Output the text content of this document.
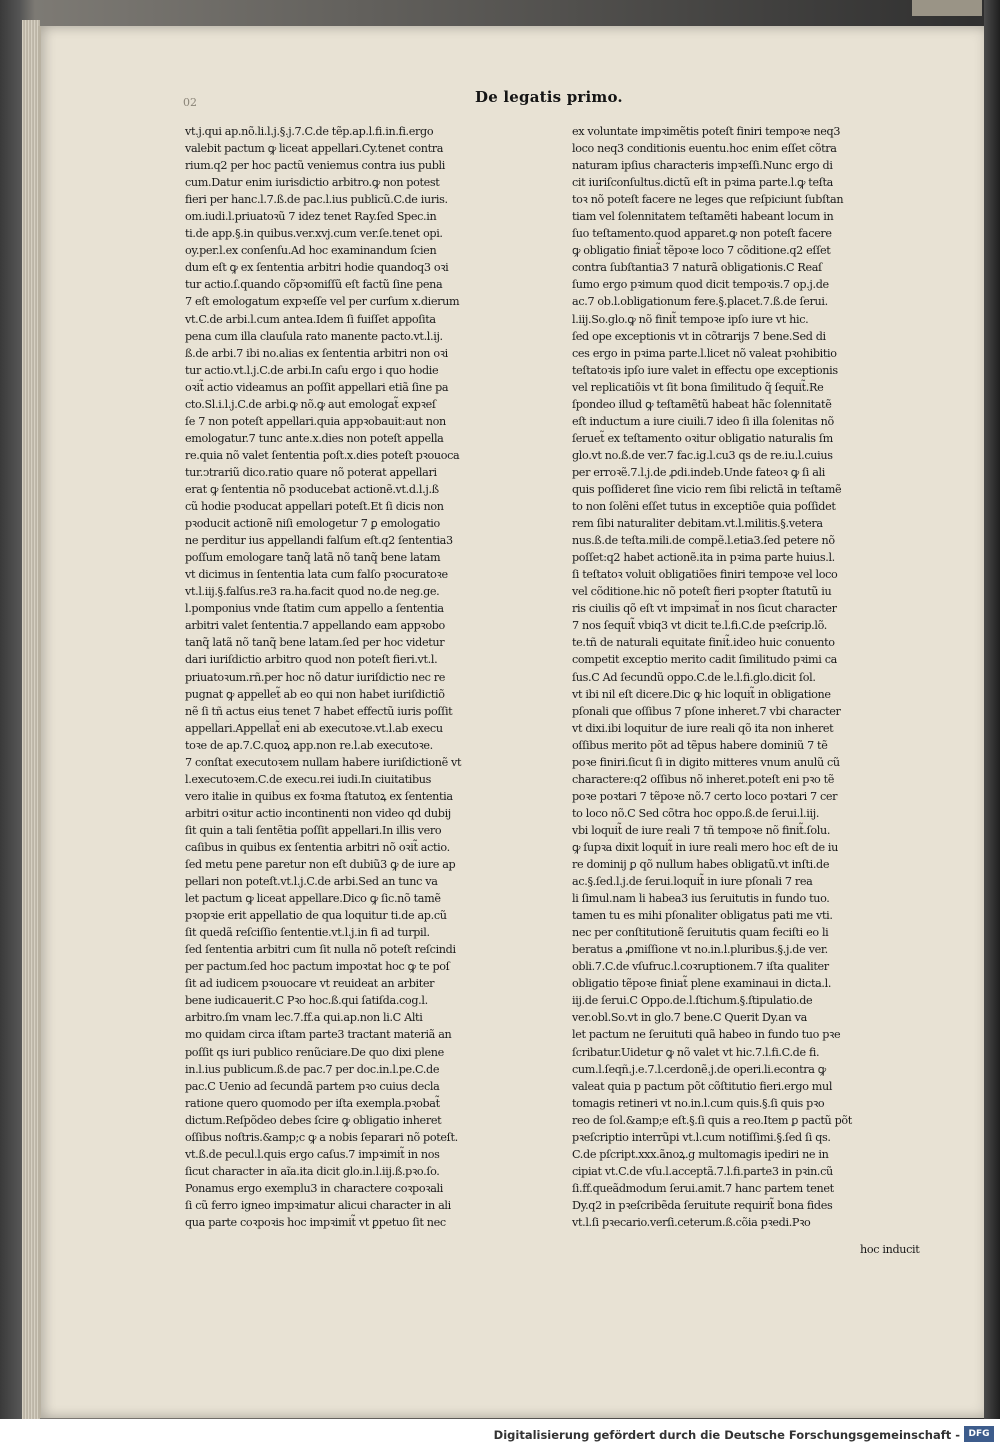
02	De legatis primo.
vt.j.qui ap.nõ.li.l.j.§.j.7.C.de tẽp.ap.l.fi.in.fi.ergo
valebit pactum ꝙ liceat appellari.Cy.tenet contra
rium.q2 per hoc pactũ veniemus contra ius publi
cum.Datur enim iurisdictio arbitro.ꝙ non potest
fieri per hanc.l.7.ß.de pac.l.ius publicũ.C.de iuris.
om.iudi.l.priuatoꝛũ 7 idez tenet Ray.ſed Spec.in
ti.de app.§.in quibus.ver.xvj.cum ver.ſe.tenet opi.
oy.per.l.ex conſenſu.Ad hoc examinandum ſcien
dum eſt ꝙ ex ſententia arbitri hodie quandoq3 oꝛi
tur actio.ſ.quando cõpꝛomiſſũ eſt factũ ſine pena
7 eſt emologatum expꝛeſſe vel per curſum x.dierum
vt.C.de arbi.l.cum antea.Idem ſi fuiſſet appoſita
pena cum illa clauſula rato manente pacto.vt.l.ij.
ß.de arbi.7 ibi no.alias ex ſententia arbitri non oꝛi
tur actio.vt.l.j.C.de arbi.In caſu ergo i quo hodie
oꝛit̃ actio videamus an poſſit appellari etiã ſine pa
cto.Sl.i.l.j.C.de arbi.ꝙ nõ.ꝙ aut emologat̃ expꝛeſ
ſe 7 non poteſt appellari.quia appꝛobauit:aut non
emologatur.7 tunc ante.x.dies non poteſt appella
re.quia nõ valet ſententia poſt.x.dies poteſt pꝛouoca
tur.ↄtrariũ dico.ratio quare nõ poterat appellari
erat ꝙ ſententia nõ pꝛoducebat actionẽ.vt.d.l.j.ß
cũ hodie pꝛoducat appellari poteſt.Et ſi dicis non
pꝛoducit actionẽ niſi emologetur 7 ꝑ emologatio
ne perditur ius appellandi falſum eſt.q2 ſententia3
poſſum emologare tanq̃ latã nõ tanq̃ bene latam
vt dicimus in ſententia lata cum falſo pꝛocuratoꝛe
vt.l.iij.§.falſus.re3 ra.ha.facit quod no.de neg.ge.
l.pomponius vnde ſtatim cum appello a ſententia
arbitri valet ſententia.7 appellando eam appꝛobo
tanq̃ latã nõ tanq̃ bene latam.ſed per hoc videtur
dari iuriſdictio arbitro quod non poteſt fieri.vt.l.
priuatoꝛum.rñ.per hoc nõ datur iuriſdictio nec re
pugnat ꝙ appellet̃ ab eo qui non habet iuriſdictiõ
nẽ ſi tñ actus eius tenet 7 habet effectũ iuris poſſit
appellari.Appellat̃ eni ab executoꝛe.vt.l.ab execu
toꝛe de ap.7.C.quoꝝ app.non re.l.ab executoꝛe.
7 conſtat executoꝛem nullam habere iuriſdictionẽ vt
l.executoꝛem.C.de execu.rei iudi.In ciuitatibus
vero italie in quibus ex foꝛma ſtatutoꝝ ex ſententia
arbitri oꝛitur actio incontinenti non video qd dubij
ſit quin a tali ſentẽtia poſſit appellari.In illis vero
caſibus in quibus ex ſententia arbitri nõ oꝛit̃ actio.
ſed metu pene paretur non eſt dubiũ3 ꝙ de iure ap
pellari non poteſt.vt.l.j.C.de arbi.Sed an tunc va
let pactum ꝙ liceat appellare.Dico ꝙ ſic.nõ tamẽ
pꝛopꝛie erit appellatio de qua loquitur ti.de ap.cũ
ſit quedã reſciſſio ſententie.vt.l.j.in fi ad turpil.
ſed ſententia arbitri cum ſit nulla nõ poteſt reſcindi
per pactum.ſed hoc pactum impoꝛtat hoc ꝙ te poſ
ſit ad iudicem pꝛouocare vt reuideat an arbiter
bene iudicauerit.C Pꝛo hoc.ß.qui ſatiſda.cog.l.
arbitro.ſm vnam lec.7.ff.a qui.ap.non li.C Alti
mo quidam circa iſtam parte3 tractant materiã an
poſſit qs iuri publico renũciare.De quo dixi plene
in.l.ius publicum.ß.de pac.7 per doc.in.l.pe.C.de
pac.C Uenio ad ſecundã partem pꝛo cuius decla
ratione quero quomodo per iſta exempla.pꝛobat̃
dictum.Reſpõdeo debes ſcire ꝙ obligatio inheret
oſſibus noſtris.&amp;c ꝙ a nobis ſeparari nõ poteſt.
vt.ß.de pecul.l.quis ergo caſus.7 impꝛimit̃ in nos
ſicut character in aĩa.ita dicit glo.in.l.iij.ß.pꝛo.ſo.
Ponamus ergo exemplu3 in charactere coꝛpoꝛali
ſi cũ ferro igneo impꝛimatur alicui character in ali
qua parte coꝛpoꝛis hoc impꝛimit̃ vt ꝑpetuo ſit nec
ex voluntate impꝛimẽtis poteſt finiri tempoꝛe neq3
loco neq3 conditionis euentu.hoc enim eſſet cõtra
naturam ipſius characteris impꝛeſſi.Nunc ergo di
cit iuriſconſultus.dictũ eſt in pꝛima parte.l.ꝙ teſta
toꝛ nõ poteſt facere ne leges que reſpiciunt ſubſtan
tiam vel ſolennitatem teſtamẽti habeant locum in
ſuo teſtamento.quod apparet.ꝙ non poteſt facere
ꝙ obligatio finiat̃ tẽpoꝛe loco 7 cõditione.q2 eſſet
contra ſubſtantia3 7 naturã obligationis.C Reaſ
ſumo ergo pꝛimum quod dicit tempoꝛis.7 op.j.de
ac.7 ob.l.obligationum fere.§.placet.7.ß.de ſerui.
l.iij.So.glo.ꝙ nõ finit̃ tempoꝛe ipſo iure vt hic.
ſed ope exceptionis vt in cõtrarijs 7 bene.Sed di
ces ergo in pꝛima parte.l.licet nõ valeat pꝛohibitio
teſtatoꝛis ipſo iure valet in effectu ope exceptionis
vel replicatiõis vt ſit bona ſimilitudo q̃ ſequit̃.Re
ſpondeo illud ꝙ teſtamẽtũ habeat hãc ſolennitatẽ
eſt inductum a iure ciuili.7 ideo ſi illa ſolenitas nõ
ſeruet̃ ex teſtamento oꝛitur obligatio naturalis ſm
glo.vt no.ß.de ver.7 fac.ig.l.cu3 qs de re.iu.l.cuius
per erroꝛẽ.7.l.j.de ꝓdi.indeb.Unde fateoꝛ ꝙ ſi ali
quis poſſideret ſine vicio rem ſibi relictã in teſtamẽ
to non ſolẽni eſſet tutus in exceptiõe quia poſſidet
rem ſibi naturaliter debitam.vt.l.militis.§.veterа
nus.ß.de teſta.mili.de compẽ.l.etia3.ſed petere nõ
poſſet:q2 habet actionẽ.ita in pꝛima parte huius.l.
ſi teſtatoꝛ voluit obligatiões finiri tempoꝛe vel loco
vel cõditione.hic nõ poteſt fieri pꝛopter ſtatutũ iu
ris ciuilis qõ eſt vt impꝛimat̃ in nos ſicut character
7 nos ſequit̃ vbiq3 vt dicit te.l.fi.C.de pꝛeſcrip.lõ.
te.tñ de naturali equitate finit̃.ideo huic conuento
competit exceptio merito cadit ſimilitudo pꝛimi ca
ſus.C Ad ſecundũ oppo.C.de le.l.fi.glo.dicit ſol.
vt ibi nil eſt dicere.Dic ꝙ hic loquit̃ in obligatione
pſonali que oſſibus 7 pſone inheret.7 vbi character
vt dixi.ibi loquitur de iure reali qõ ita non inheret
oſſibus merito põt ad tẽpus habere dominiũ 7 tẽ
poꝛe finiri.ſicut ſi in digito mitteres vnum anulũ cũ
charactere:q2 oſſibus nõ inheret.poteſt eni pꝛo tẽ
poꝛe poꝛtari 7 tẽpoꝛe nõ.7 certo loco poꝛtari 7 cer
to loco nõ.C Sed cõtra hoc oppo.ß.de ſerui.l.iij.
vbi loquit̃ de iure reali 7 tñ tempoꝛe nõ finit̃.ſolu.
ꝙ ſupꝛa dixit loquit̃ in iure reali mero hoc eſt de iu
re dominij ꝑ qõ nullum habes obligatũ.vt inſti.de
ac.§.ſed.l.j.de ſerui.loquit̃ in iure pſonali 7 rea
li ſimul.nam li habea3 ius ſeruitutis in fundo tuo.
tamen tu es mihi pſonaliter obligatus pati me vti.
nec per conſtitutionẽ ſeruitutis quam feciſti eo li
beratus a ꝓmiſſione vt no.in.l.pluribus.§.j.de ver.
obli.7.C.de vſufruc.l.coꝛruptionem.7 iſta qualiter
obligatio tẽpoꝛe finiat̃ plene examinaui in dicta.l.
iij.de ſerui.C Oppo.de.l.ſtichum.§.ſtipulatio.de
ver.obl.So.vt in glo.7 bene.C Querit Dy.an va
let pactum ne ſeruituti quã habeo in fundo tuo pꝛe
ſcribatur.Uidetur ꝙ nõ valet vt hic.7.l.fi.C.de fi.
cum.l.ſeqñ.j.e.7.l.cerdonẽ.j.de operi.li.econtra ꝙ
valeat quia p pactum põt cõſtitutio fieri.ergo mul
tomagis retineri vt no.in.l.cum quis.§.ſi quis pꝛo
reo de ſol.&amp;e eſt.§.ſi quis a reo.Item ꝑ pactũ põt
pꝛeſcriptio interrũpi vt.l.cum notiſſimi.§.ſed ſi qs.
C.de pſcript.xxx.ãnoꝝ.g multomagis ipediri ne in
cipiat vt.C.de vſu.l.acceptã.7.l.fi.parte3 in pꝛin.cũ
ſi.ff.queãdmodum ſerui.amit.7 hanc partem tenet
Dy.q2 in pꝛeſcribẽda ſeruitute requirit̃ bona fides
vt.l.ſi pꝛecario.verſi.ceterum.ß.cõia pꝛedi.Pꝛo
hoc inducit
Digitalisierung gefördert durch die Deutsche Forschungsgemeinschaft - DFG
